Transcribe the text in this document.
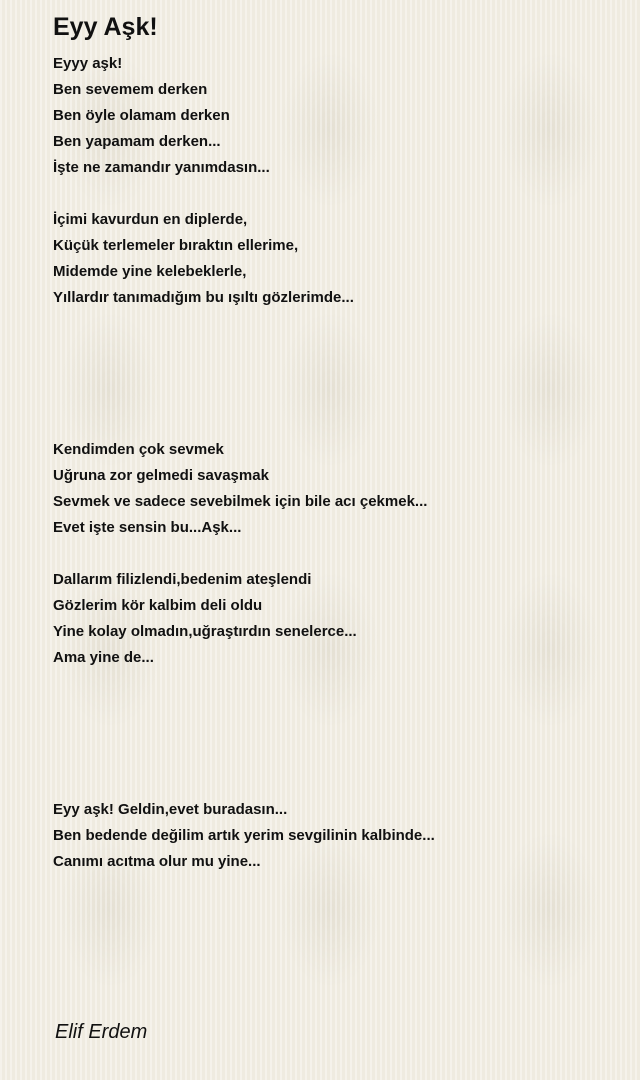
Eyy Aşk!
Eyyy aşk!
Ben sevemem derken
Ben öyle olamam derken
Ben yapamam derken...
İşte ne zamandır yanımdasın...
İçimi kavurdun en diplerde,
Küçük terlemeler bıraktın ellerime,
Midemde yine kelebeklerle,
Yıllardır tanımadığım bu ışıltı gözlerimde...
Kendimden çok sevmek
Uğruna zor gelmedi savaşmak
Sevmek ve sadece sevebilmek için bile acı çekmek...
Evet işte sensin bu...Aşk...
Dallarım filizlendi,bedenim ateşlendi
Gözlerim kör kalbim deli oldu
Yine kolay olmadın,uğraştırdın senelerce...
Ama yine de...
Eyy aşk! Geldin,evet buradasın...
Ben bedende değilim artık yerim sevgilinin kalbinde...
Canımı acıtma olur mu yine...
Elif Erdem
